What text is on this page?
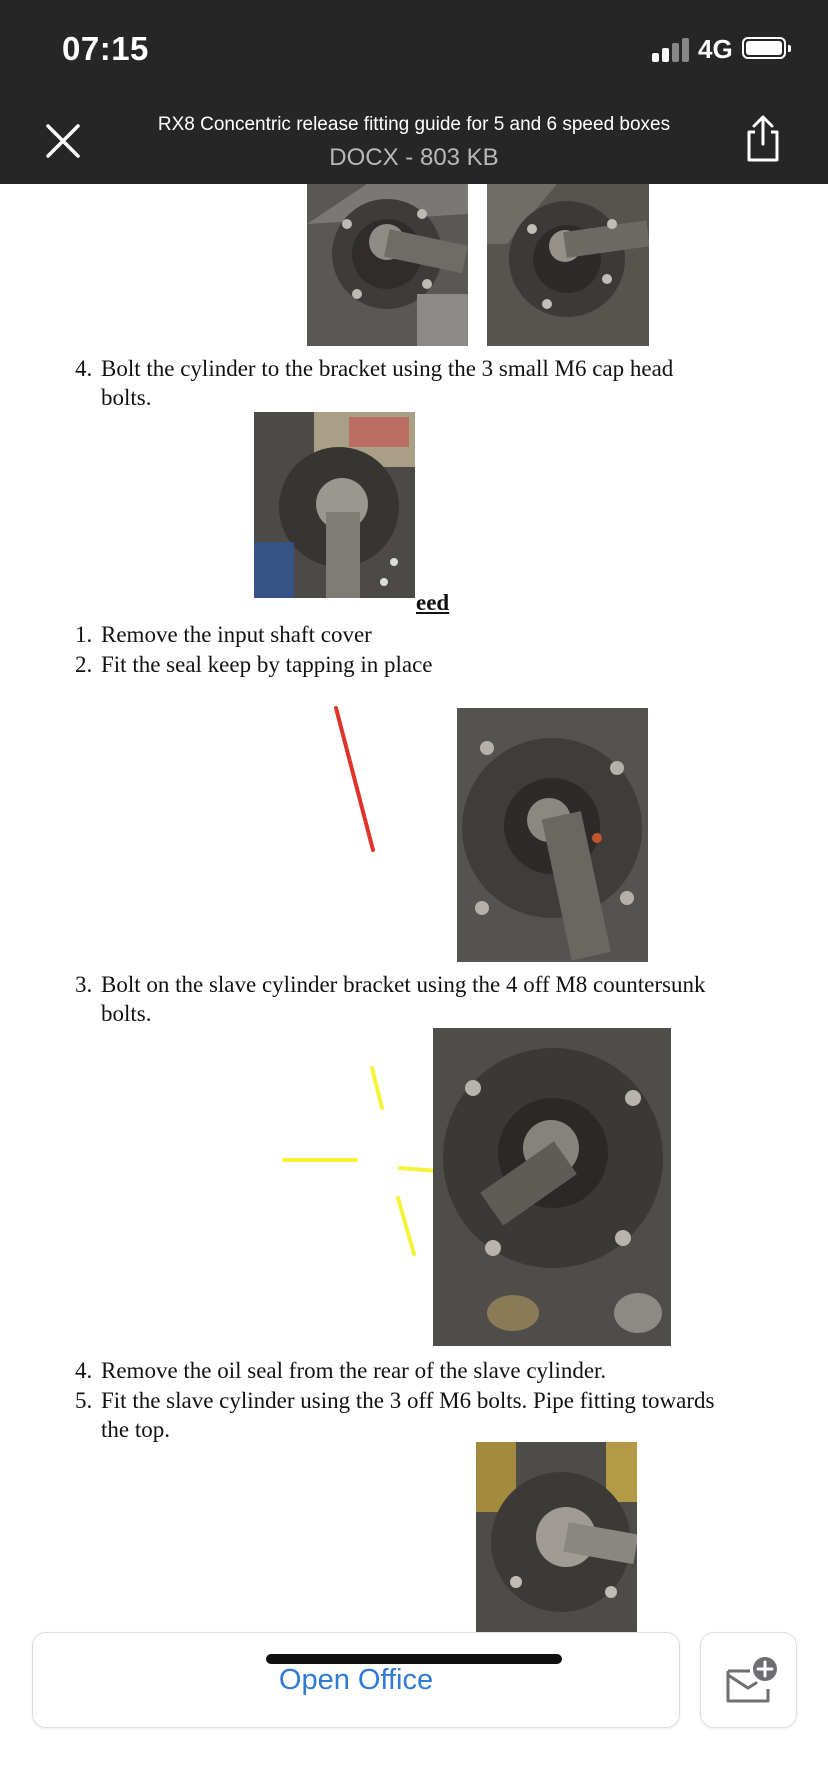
07:15	4G
RX8 Concentric release fitting guide for 5 and 6 speed boxes
DOCX - 803 KB
4. Bolt the cylinder to the bracket using the 3 small M6 cap head
bolts.
eed
1. Remove the input shaft cover
2. Fit the seal keep by tapping in place
3. Bolt on the slave cylinder bracket using the 4 off M8 countersunk
bolts.
4. Remove the oil seal from the rear of the slave cylinder.
5. Fit the slave cylinder using the 3 off M6 bolts. Pipe fitting towards
the top.
Open Office
